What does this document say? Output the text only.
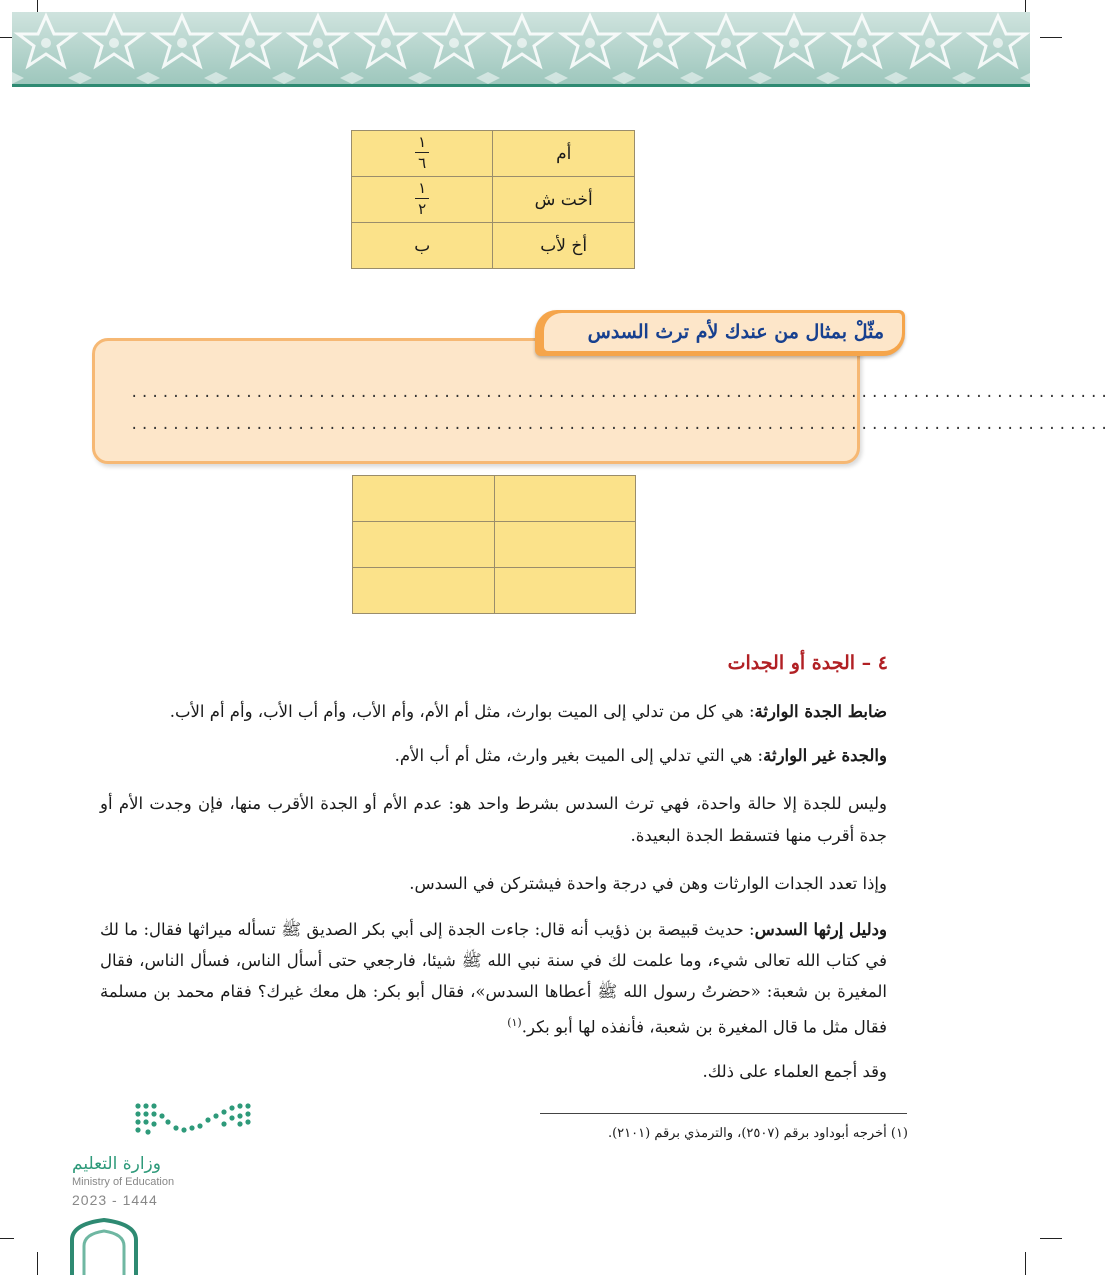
$\frac{١}{٦}$	أم
$\frac{١}{٢}$	أخت ش
ب	أخ لأب
مثّلْ بمثال من عندك لأم ترث السدس
..............................................................................................
..............................................................................................

٤ – الجدة أو الجدات
ضابط الجدة الوارثة: هي كل من تدلي إلى الميت بوارث، مثل أم الأم، وأم الأب، وأم أب الأب، وأم أم الأب.
والجدة غير الوارثة: هي التي تدلي إلى الميت بغير وارث، مثل أم أب الأم.
وليس للجدة إلا حالة واحدة، فهي ترث السدس بشرط واحد هو: عدم الأم أو الجدة الأقرب منها، فإن وجدت الأم أو جدة أقرب منها فتسقط الجدة البعيدة.
وإذا تعدد الجدات الوارثات وهن في درجة واحدة فيشتركن في السدس.
ودليل إرثها السدس: حديث قبيصة بن ذؤيب أنه قال: جاءت الجدة إلى أبي بكر الصديق ﷺ تسأله ميراثها فقال: ما لك في كتاب الله تعالى شيء، وما علمت لك في سنة نبي الله ﷺ شيئا، فارجعي حتى أسأل الناس، فسأل الناس، فقال المغيرة بن شعبة: «حضرتُ رسول الله ﷺ أعطاها السدس»، فقال أبو بكر: هل معك غيرك؟ فقام محمد بن مسلمة فقال مثل ما قال المغيرة بن شعبة، فأنفذه لها أبو بكر.$^{(١)}$
وقد أجمع العلماء على ذلك.
(١) أخرجه أبوداود برقم (٢٥٠٧)، والترمذي برقم (٢١٠١).
وزارة التعليم
Ministry of Education
2023 - 1444
